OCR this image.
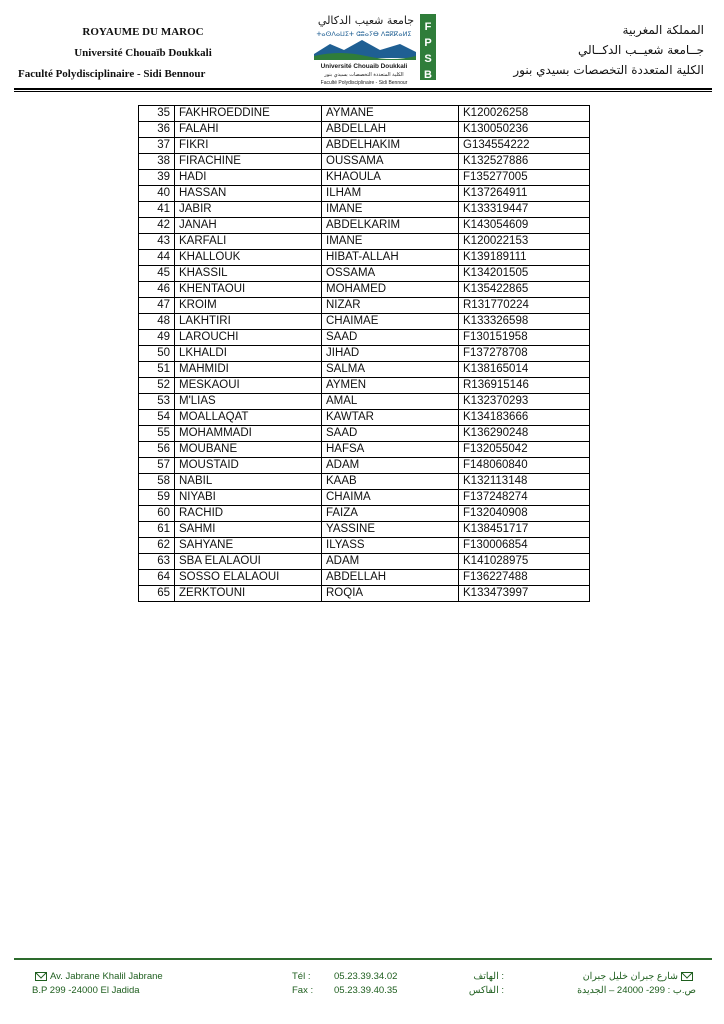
ROYAUME DU MAROC
Université Chouaïb Doukkali
Faculté Polydisciplinaire - Sidi Bennour
جامعة شعيب الدكالي
ⵜⴰⵙⴷⴰⵡⵉⵜ ⵛⵓⴰⵢⴱ ⴷⵓⴽⴽⴰⵍⵉ
Université Chouaib Doukkali
الكلية المتعددة التخصصات بسيدي بنور
Faculté Polydisciplinaire - Sidi Bennour
F
P
S
B
المملكة المغربية
جــامعة شعيــب الدكــالي
الكلية المتعددة التخصصات بسيدي بنور
35	FAKHROEDDINE	AYMANE	K120026258
36	FALAHI	ABDELLAH	K130050236
37	FIKRI	ABDELHAKIM	G134554222
38	FIRACHINE	OUSSAMA	K132527886
39	HADI	KHAOULA	F135277005
40	HASSAN	ILHAM	K137264911
41	JABIR	IMANE	K133319447
42	JANAH	ABDELKARIM	K143054609
43	KARFALI	IMANE	K120022153
44	KHALLOUK	HIBAT-ALLAH	K139189111
45	KHASSIL	OSSAMA	K134201505
46	KHENTAOUI	MOHAMED	K135422865
47	KROIM	NIZAR	R131770224
48	LAKHTIRI	CHAIMAE	K133326598
49	LAROUCHI	SAAD	F130151958
50	LKHALDI	JIHAD	F137278708
51	MAHMIDI	SALMA	K138165014
52	MESKAOUI	AYMEN	R136915146
53	M'LIAS	AMAL	K132370293
54	MOALLAQAT	KAWTAR	K134183666
55	MOHAMMADI	SAAD	K136290248
56	MOUBANE	HAFSA	F132055042
57	MOUSTAID	ADAM	F148060840
58	NABIL	KAAB	K132113148
59	NIYABI	CHAIMA	F137248274
60	RACHID	FAIZA	F132040908
61	SAHMI	YASSINE	K138451717
62	SAHYANE	ILYASS	F130006854
63	SBA ELALAOUI	ADAM	K141028975
64	SOSSO ELALAOUI	ABDELLAH	F136227488
65	ZERKTOUNI	ROQIA	K133473997
Av. Jabrane Khalil Jabrane
B.P 299 -24000 El Jadida
Tél : 05.23.39.34.02	: الهاتف
Fax : 05.23.39.40.35	: الفاكس
شارع جبران خليل جبران
ص.ب : 299- 24000 – الجديدة
